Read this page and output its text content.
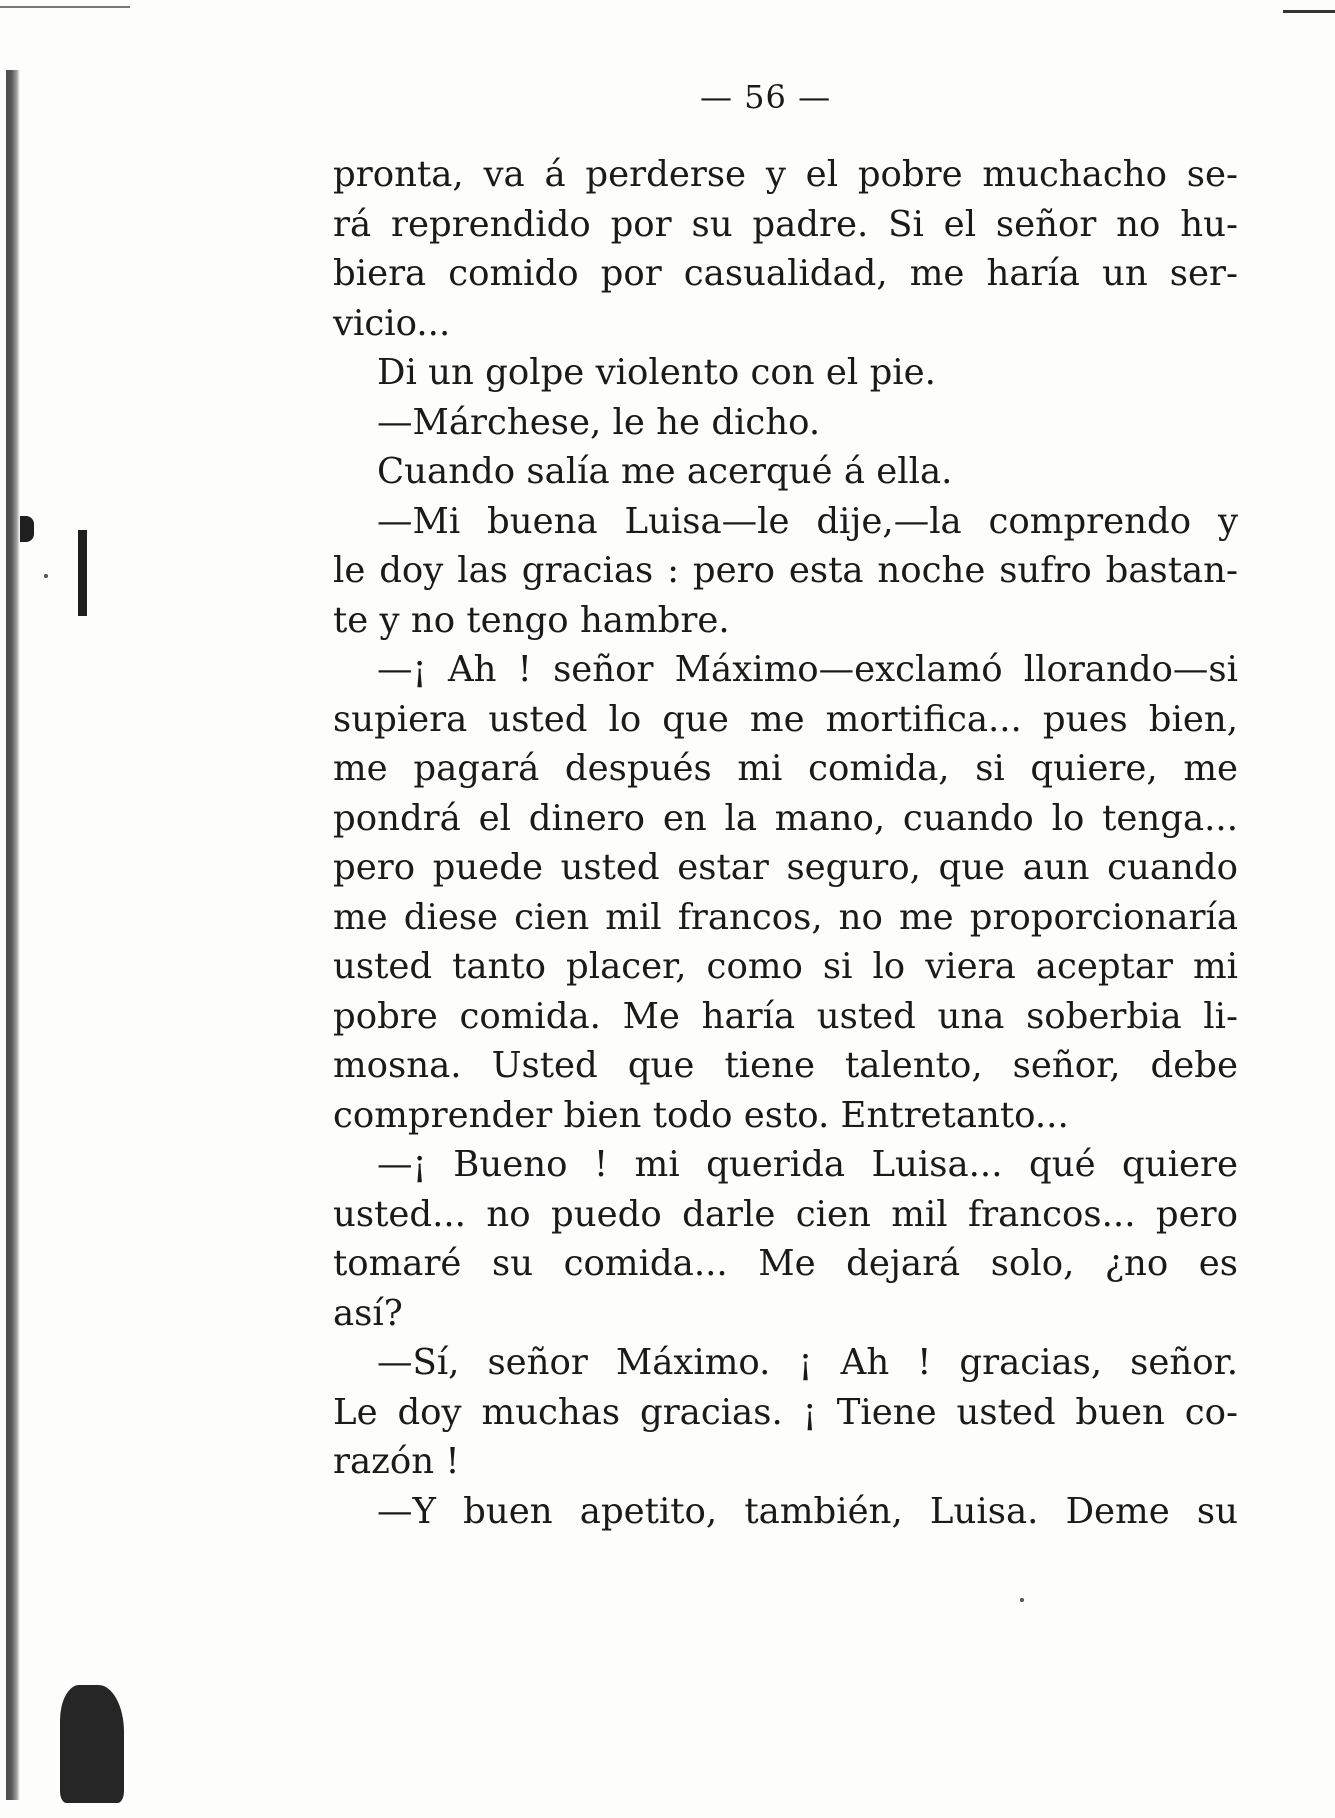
— 56 —
pronta, va á perderse y el pobre muchacho se-
rá reprendido por su padre. Si el señor no hu-
biera comido por casualidad, me haría un ser-
vicio...
Di un golpe violento con el pie.
—Márchese, le he dicho.
Cuando salía me acerqué á ella.
—Mi buena Luisa—le dije,—la comprendo y
le doy las gracias : pero esta noche sufro bastan-
te y no tengo hambre.
—¡ Ah ! señor Máximo—exclamó llorando—si
supiera usted lo que me mortifica... pues bien,
me pagará después mi comida, si quiere, me
pondrá el dinero en la mano, cuando lo tenga...
pero puede usted estar seguro, que aun cuando
me diese cien mil francos, no me proporcionaría
usted tanto placer, como si lo viera aceptar mi
pobre comida. Me haría usted una soberbia li-
mosna. Usted que tiene talento, señor, debe
comprender bien todo esto. Entretanto...
—¡ Bueno ! mi querida Luisa... qué quiere
usted... no puedo darle cien mil francos... pero
tomaré su comida... Me dejará solo, ¿no es
así?
—Sí, señor Máximo. ¡ Ah ! gracias, señor.
Le doy muchas gracias. ¡ Tiene usted buen co-
razón !
—Y buen apetito, también, Luisa. Deme su
